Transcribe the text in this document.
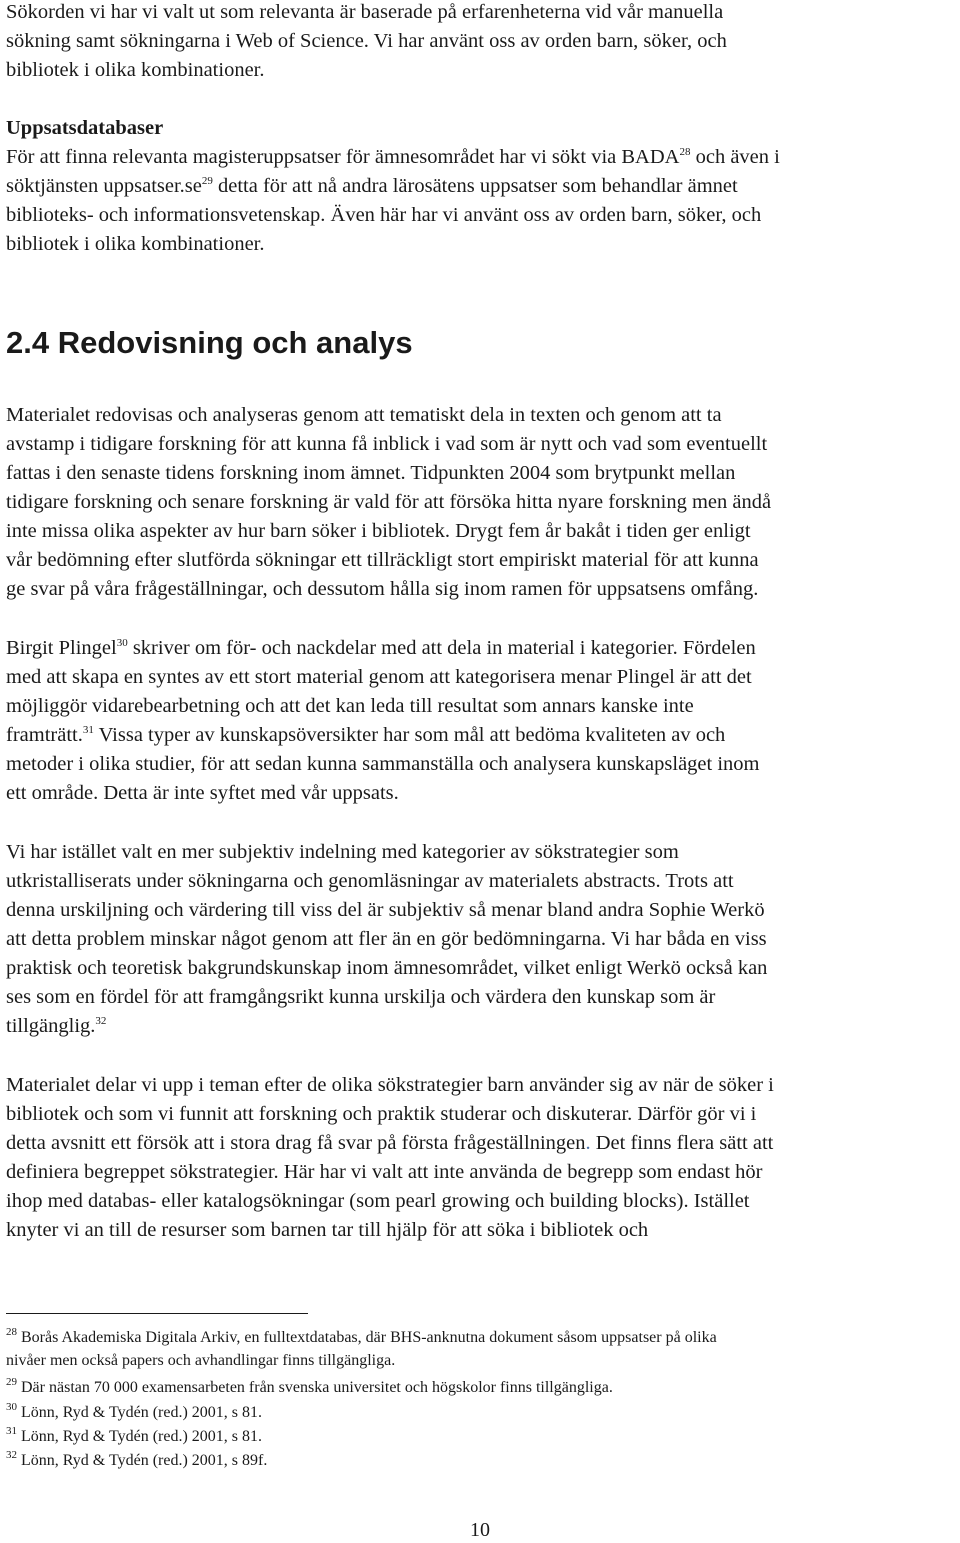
Sökorden vi har vi valt ut som relevanta är baserade på erfarenheterna vid vår manuella
sökning samt sökningarna i Web of Science. Vi har använt oss av orden barn, söker, och
bibliotek i olika kombinationer.
Uppsatsdatabaser
För att finna relevanta magisteruppsatser för ämnesområdet har vi sökt via BADA$^{28}$ och även i
söktjänsten $uppsatser.se^{29}$ detta för att nå andra lärosätens uppsatser som behandlar ämnet
biblioteks- och informationsvetenskap. Även här har vi använt oss av orden barn, söker, och
bibliotek i olika kombinationer.
2.4 Redovisning och analys
Materialet redovisas och analyseras genom att tematiskt dela in texten och genom att ta
avstamp i tidigare forskning för att kunna få inblick i vad som är nytt och vad som eventuellt
fattas i den senaste tidens forskning inom ämnet. Tidpunkten 2004 som brytpunkt mellan
tidigare forskning och senare forskning är vald för att försöka hitta nyare forskning men ändå
inte missa olika aspekter av hur barn söker i bibliotek. Drygt fem år bakåt i tiden ger enligt
vår bedömning efter slutförda sökningar ett tillräckligt stort empiriskt material för att kunna
ge svar på våra frågeställningar, och dessutom hålla sig inom ramen för uppsatsens omfång.
Birgit Plingel$^{30}$ skriver om för- och nackdelar med att dela in material i kategorier. Fördelen
med att skapa en syntes av ett stort material genom att kategorisera menar Plingel är att det
möjliggör vidarebearbetning och att det kan leda till resultat som annars kanske inte
framträtt.$^{31}$ Vissa typer av kunskapsöversikter har som mål att bedöma kvaliteten av och
metoder i olika studier, för att sedan kunna sammanställa och analysera kunskapsläget inom
ett område. Detta är inte syftet med vår uppsats.
Vi har istället valt en mer subjektiv indelning med kategorier av sökstrategier som
utkristalliserats under sökningarna och genomläsningar av materialets abstracts. Trots att
denna urskiljning och värdering till viss del är subjektiv så menar bland andra Sophie Werkö
att detta problem minskar något genom att fler än en gör bedömningarna. Vi har båda en viss
praktisk och teoretisk bakgrundskunskap inom ämnesområdet, vilket enligt Werkö också kan
ses som en fördel för att framgångsrikt kunna urskilja och värdera den kunskap som är
tillgänglig.$^{32}$
Materialet delar vi upp i teman efter de olika sökstrategier barn använder sig av när de söker i
bibliotek och som vi funnit att forskning och praktik studerar och diskuterar. Därför gör vi i
detta avsnitt ett försök att i stora drag få svar på första frågeställningen. Det finns flera sätt att
definiera begreppet sökstrategier. Här har vi valt att inte använda de begrepp som endast hör
ihop med databas- eller katalogsökningar (som pearl growing och building blocks). Istället
knyter vi an till de resurser som barnen tar till hjälp för att söka i bibliotek och
$^{28}$ Borås Akademiska Digitala Arkiv, en fulltextdatabas, där BHS-anknutna dokument såsom uppsatser på olika
nivåer men också papers och avhandlingar finns tillgängliga.
$^{29}$ Där nästan 70 000 examensarbeten från svenska universitet och högskolor finns tillgängliga.
$^{30}$ Lönn, Ryd & Tydén (red.) 2001, s 81.
$^{31}$ Lönn, Ryd & Tydén (red.) 2001, s 81.
$^{32}$ Lönn, Ryd & Tydén (red.) 2001, s 89f.
10
